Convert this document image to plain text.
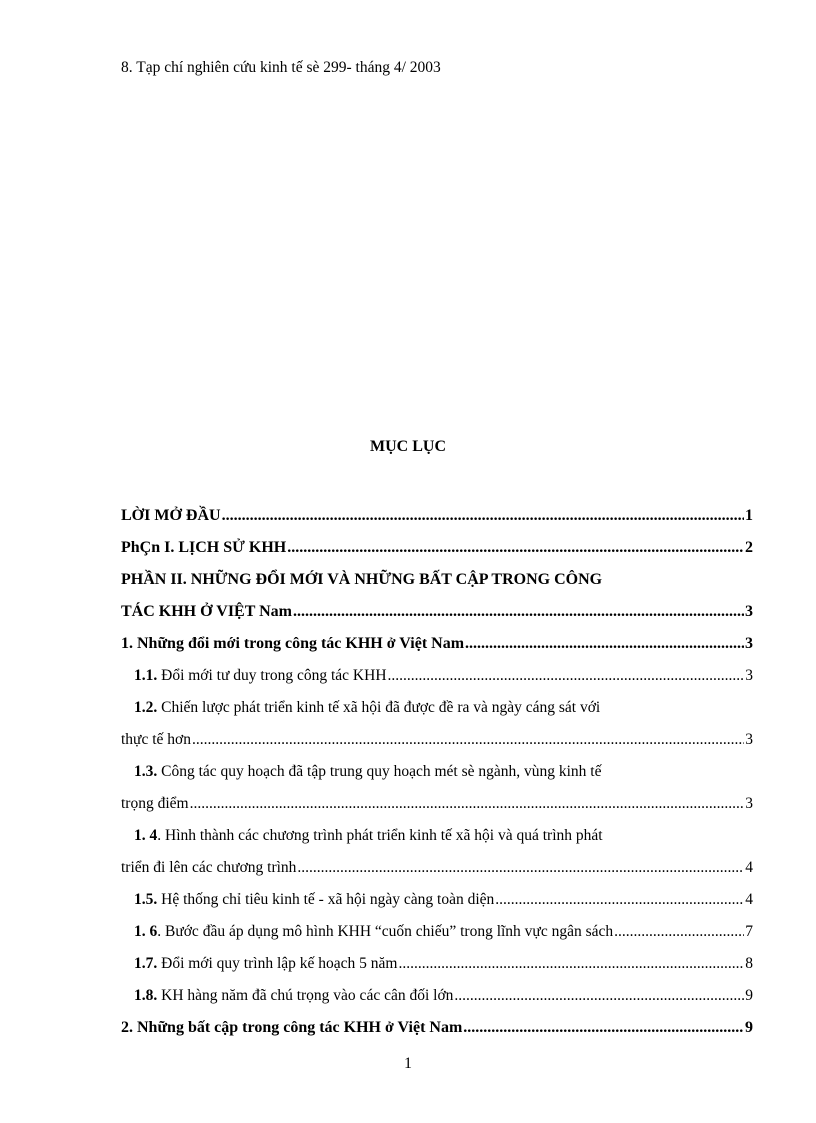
8. Tạp chí nghiên cứu kinh tế sè 299- tháng 4/ 2003
MỤC LỤC
LỜI MỞ ĐẦU .....	1
PhÇn I. LỊCH SỬ KHH .....	2
PHẦN II. NHỮNG ĐỔI MỚI VÀ NHỮNG BẤT CẬP TRONG CÔNG
TÁC KHH Ở VIỆT Nam .....	3
1. Những đổi mới trong công tác KHH ở Việt Nam .....	3
1.1. Đổi mới tư duy trong công tác KHH .....	3
1.2. Chiến lược phát triển kinh tế xã hội đã được đề ra và ngày cáng sát với
thực tế hơn .....	3
1.3. Công tác quy hoạch đã tập trung quy hoạch mét sè ngành, vùng kinh tế
trọng điểm .....	3
1. 4. Hình thành các chương trình phát triển kinh tế xã hội và quá trình phát
triển đi lên các chương trình .....	4
1.5. Hệ thống chỉ tiêu kinh tế - xã hội ngày càng toàn diện .....	4
1. 6. Bước đầu áp dụng mô hình KHH “cuốn chiếu” trong lĩnh vực ngân sách .....	7
1.7. Đổi mới quy trình lập kế hoạch 5 năm .....	8
1.8. KH hàng năm đã chú trọng vào các cân đối lớn .....	9
2. Những bất cập trong công tác KHH ở Việt Nam .....	9
1
